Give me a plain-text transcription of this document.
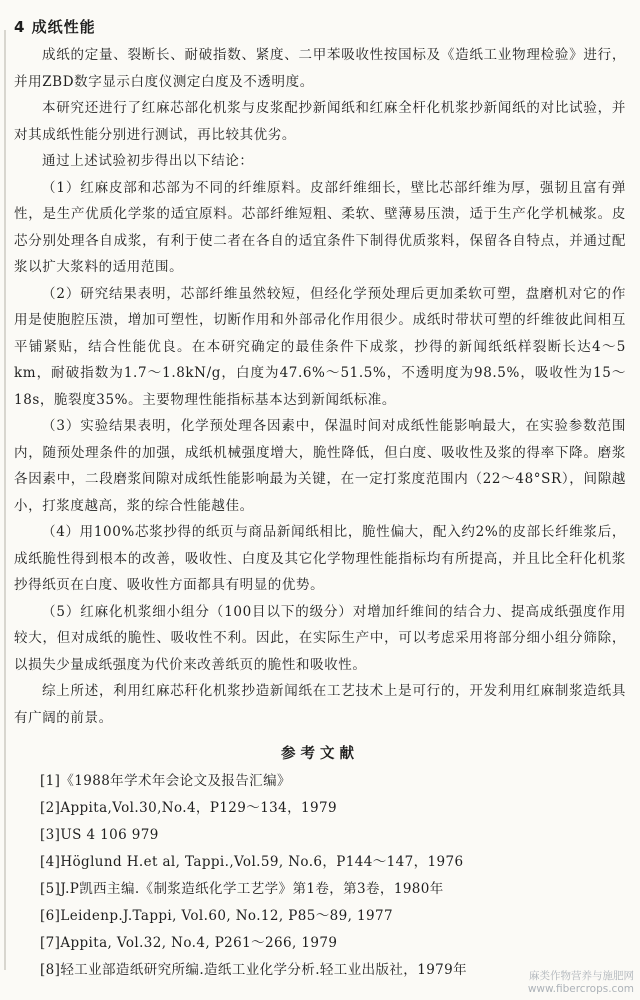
4 成纸性能

成纸的定量、裂断长、耐破指数、紧度、二甲苯吸收性按国标及《造纸工业物理检验》进行，并用ZBD数字显示白度仪测定白度及不透明度。

本研究还进行了红麻芯部化机浆与皮浆配抄新闻纸和红麻全杆化机浆抄新闻纸的对比试验，并对其成纸性能分别进行测试，再比较其优劣。

通过上述试验初步得出以下结论：

（1）红麻皮部和芯部为不同的纤维原料。皮部纤维细长，壁比芯部纤维为厚，强韧且富有弹性，是生产优质化学浆的适宜原料。芯部纤维短粗、柔软、壁薄易压溃，适于生产化学机械浆。皮芯分别处理各自成浆，有利于使二者在各自的适宜条件下制得优质浆料，保留各自特点，并通过配浆以扩大浆料的适用范围。

（2）研究结果表明，芯部纤维虽然较短，但经化学预处理后更加柔软可塑，盘磨机对它的作用是使胞腔压溃，增加可塑性，切断作用和外部帚化作用很少。成纸时带状可塑的纤维彼此间相互平铺紧贴，结合性能优良。在本研究确定的最佳条件下成浆，抄得的新闻纸纸样裂断长达4～5 km，耐破指数为1.7～1.8kN/g，白度为47.6%～51.5%，不透明度为98.5%，吸收性为15～18s，脆裂度35%。主要物理性能指标基本达到新闻纸标准。

（3）实验结果表明，化学预处理各因素中，保温时间对成纸性能影响最大，在实验参数范围内，随预处理条件的加强，成纸机械强度增大，脆性降低，但白度、吸收性及浆的得率下降。磨浆各因素中，二段磨浆间隙对成纸性能影响最为关键，在一定打浆度范围内（22～48°SR），间隙越小，打浆度越高，浆的综合性能越佳。

（4）用100%芯浆抄得的纸页与商品新闻纸相比，脆性偏大，配入约2%的皮部长纤维浆后，成纸脆性得到根本的改善，吸收性、白度及其它化学物理性能指标均有所提高，并且比全秆化机浆抄得纸页在白度、吸收性方面都具有明显的优势。

（5）红麻化机浆细小组分（100目以下的级分）对增加纤维间的结合力、提高成纸强度作用较大，但对成纸的脆性、吸收性不利。因此，在实际生产中，可以考虑采用将部分细小组分筛除，以损失少量成纸强度为代价来改善纸页的脆性和吸收性。

综上所述，利用红麻芯秆化机浆抄造新闻纸在工艺技术上是可行的，开发利用红麻制浆造纸具有广阔的前景。

参考文献
[1]《1988年学术年会论文及报告汇编》
[2]Appita,Vol.30,No.4，P129～134，1979
[3]US 4 106 979
[4]Höglund H.et al, Tappi.,Vol.59, No.6，P144～147，1976
[5]J.P凯西主编.《制浆造纸化学工艺学》第1卷，第3卷，1980年
[6]Leidenp.J.Tappi, Vol.60, No.12, P85～89, 1977
[7]Appita, Vol.32, No.4, P261～266, 1979
[8]轻工业部造纸研究所编.造纸工业化学分析.轻工业出版社，1979年	麻类作物营养与施肥网
www.fibercrops.com
